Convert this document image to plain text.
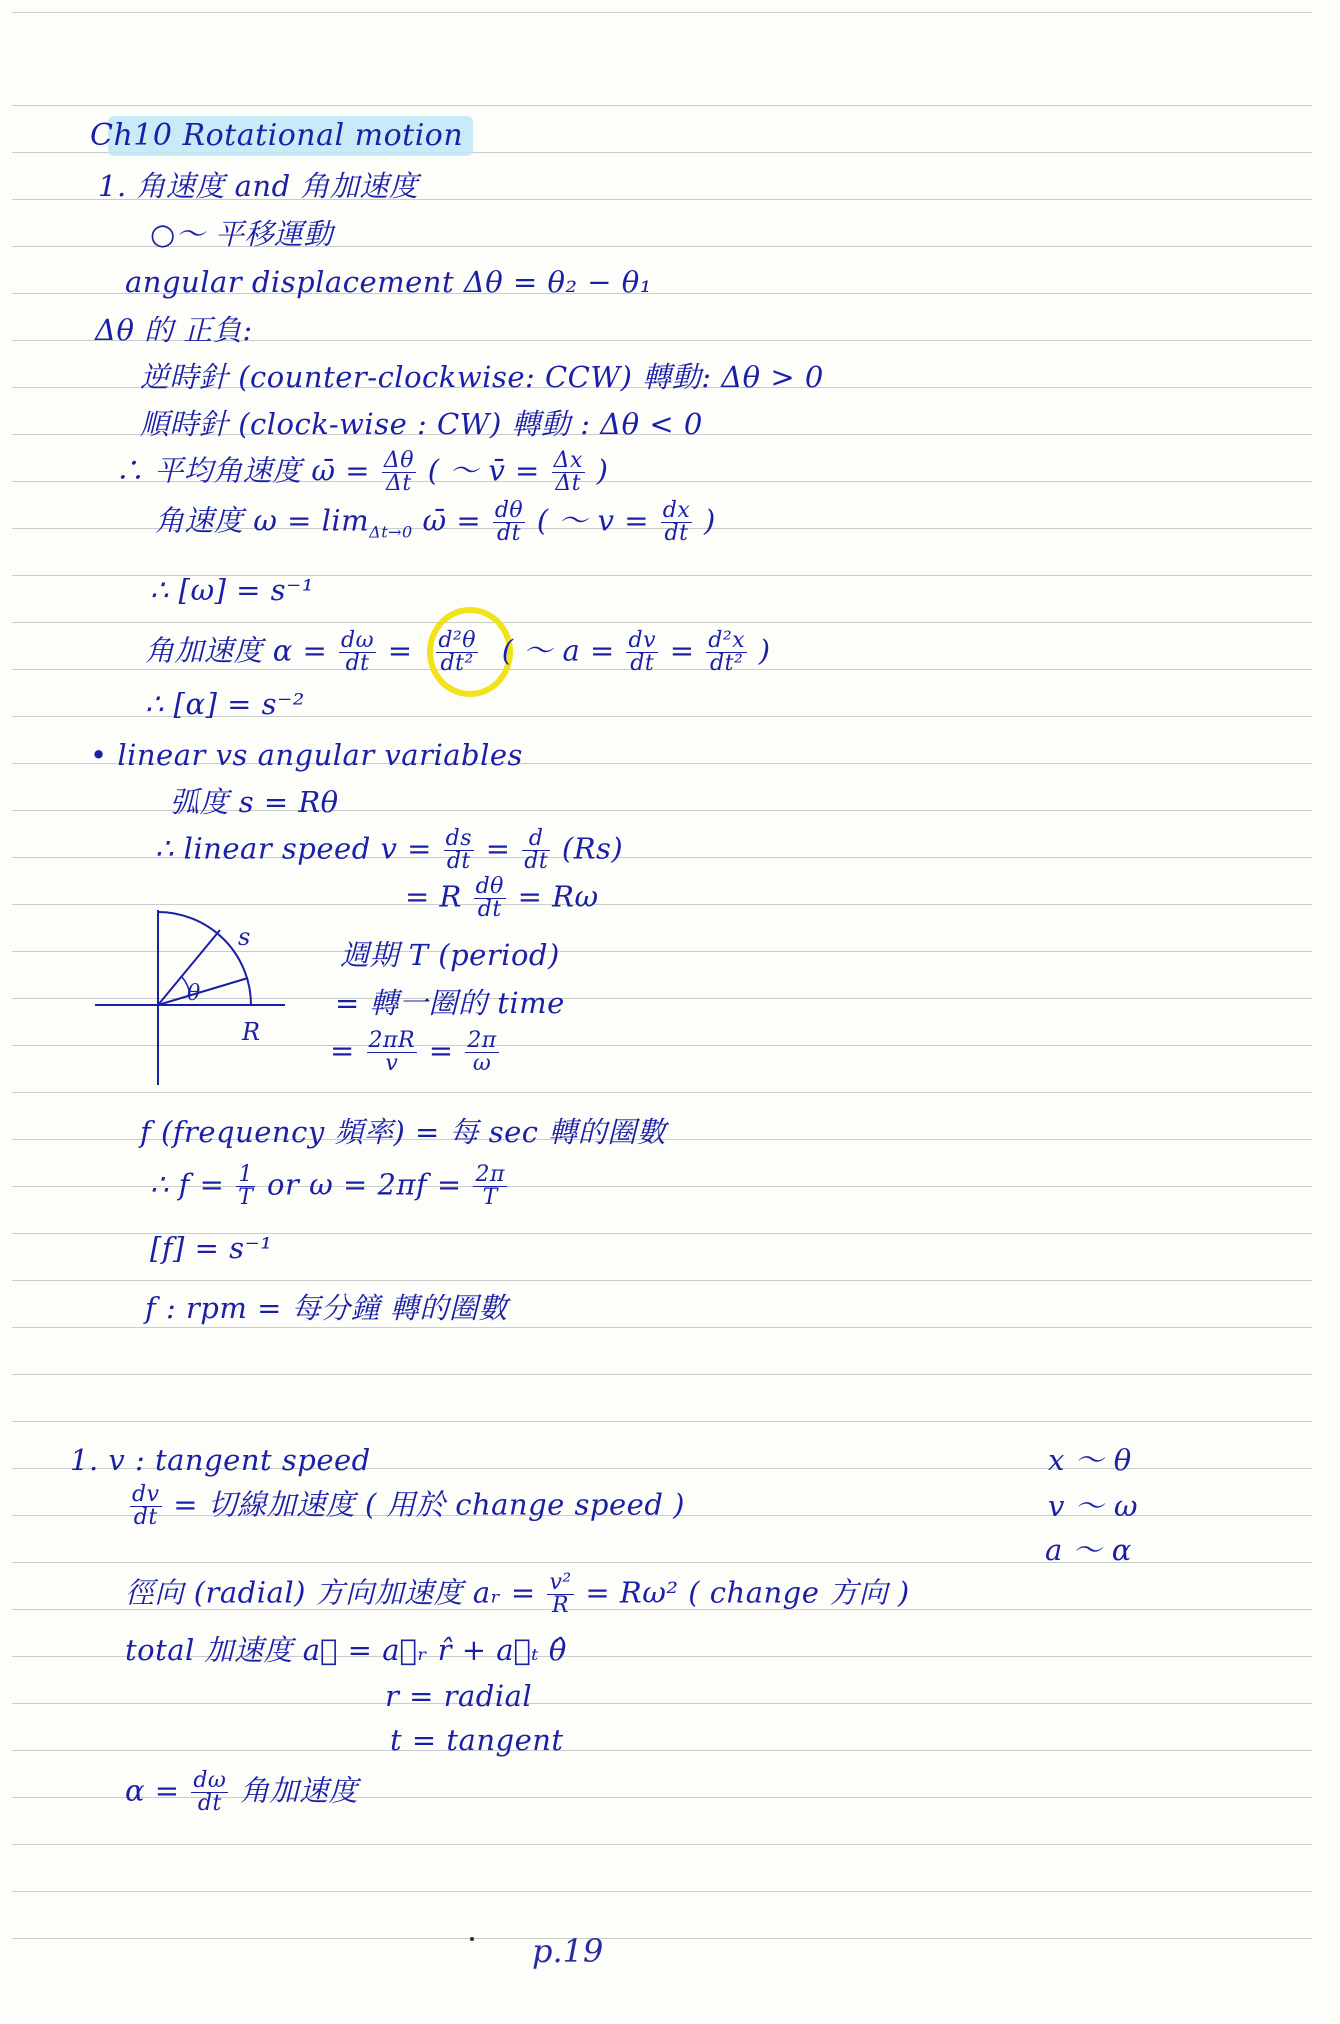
Ch10 Rotational motion
1. 角速度 and 角加速度
○～ 平移運動
angular displacement Δθ = θ₂ − θ₁
Δθ 的 正負:
逆時針 (counter-clockwise: CCW) 轉動: Δθ > 0
順時針 (clock-wise : CW) 轉動 : Δθ < 0
∴ 平均角速度 ω̄ = $\frac{\Delta\theta}{\Delta t}$ ( ～ v̄ = $\frac{\Delta x}{\Delta t}$ )
角速度 $\omega = \lim_{\Delta t\to 0}$ ω̄ = $\frac{d\theta}{dt}$ ( ～ $v = \frac{dx}{dt}$ )
∴ [ω] = s⁻¹
角加速度 $\alpha = \frac{d\omega}{dt} = \frac{\text{d²θ}}{\text{dt²}}$ ( ～ $a = \frac{dv}{dt} = \frac{\text{d²x}}{\text{dt²}}$ )
∴ [α] = s⁻²
• linear vs angular variables
弧度 s = Rθ
∴ linear speed $v = \frac{ds}{dt} = \frac{d}{dt} (Rs)$
= R $\frac{d\theta}{dt} = R\omega$
s
θ
R
週期 T (period)
= 轉一圈的 time
= $\frac{2\pi R}{v} = \frac{2\pi}{\omega}$
f (frequency 頻率) = 每 sec 轉的圈數
∴ $f = \frac{1}{T}$ or $\omega = 2\pi f = \frac{2\pi}{T}$
[f] = s⁻¹
f : rpm = 每分鐘 轉的圈數
1. v : tangent speed
$\frac{dv}{dt}$ = 切線加速度 ( 用於 change speed )
徑向 (radial) 方向加速度 aᵣ = $\frac{\text{v²}}{R} = R\omega^2$ ( change 方向 )
total 加速度 a⃗ = a⃗ᵣ r̂ + a⃗ₜ θ̂
r = radial
t = tangent
$\alpha = \frac{d\omega}{dt}$ 角加速度
x ～ θ
v ～ ω
a ～ α
p.19
